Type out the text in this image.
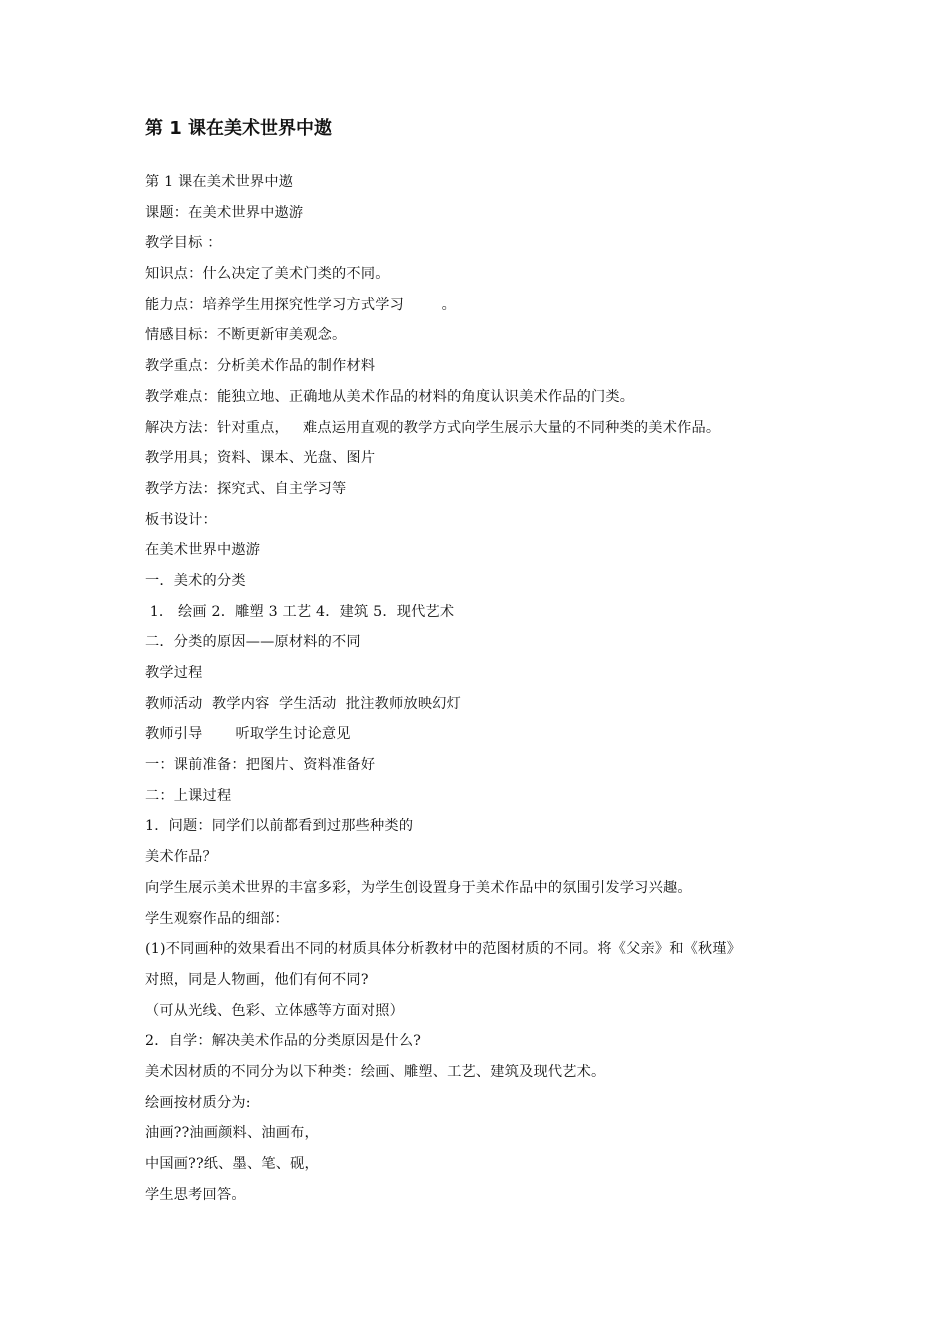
第 1 课在美术世界中遨
第 1 课在美术世界中遨
课题：在美术世界中遨游
教学目标 ：
知识点：什么决定了美术门类的不同。
能力点：培养学生用探究性学习方式学习        。
情感目标：不断更新审美观念。
教学重点：分析美术作品的制作材料
教学难点：能独立地、正确地从美术作品的材料的角度认识美术作品的门类。
解决方法：针对重点，   难点运用直观的教学方式向学生展示大量的不同种类的美术作品。
教学用具；资料、课本、光盘、图片
教学方法：探究式、自主学习等
板书设计：
在美术世界中遨游
一．美术的分类
1． 绘画 2．雕塑 3 工艺 4．建筑 5．现代艺术
二．分类的原因——原材料的不同
教学过程
教师活动  教学内容  学生活动  批注教师放映幻灯
教师引导       听取学生讨论意见
一：课前准备：把图片、资料准备好
二：上课过程
1．问题：同学们以前都看到过那些种类的
美术作品？
向学生展示美术世界的丰富多彩，为学生创设置身于美术作品中的氛围引发学习兴趣。
学生观察作品的细部：
(1)不同画种的效果看出不同的材质具体分析教材中的范图材质的不同。将《父亲》和《秋瑾》
对照，同是人物画，他们有何不同?
（可从光线、色彩、立体感等方面对照）
2．自学：解决美术作品的分类原因是什么?
美术因材质的不同分为以下种类：绘画、雕塑、工艺、建筑及现代艺术。
绘画按材质分为:
油画??油画颜料、油画布，
中国画??纸、墨、笔、砚，
学生思考回答。
